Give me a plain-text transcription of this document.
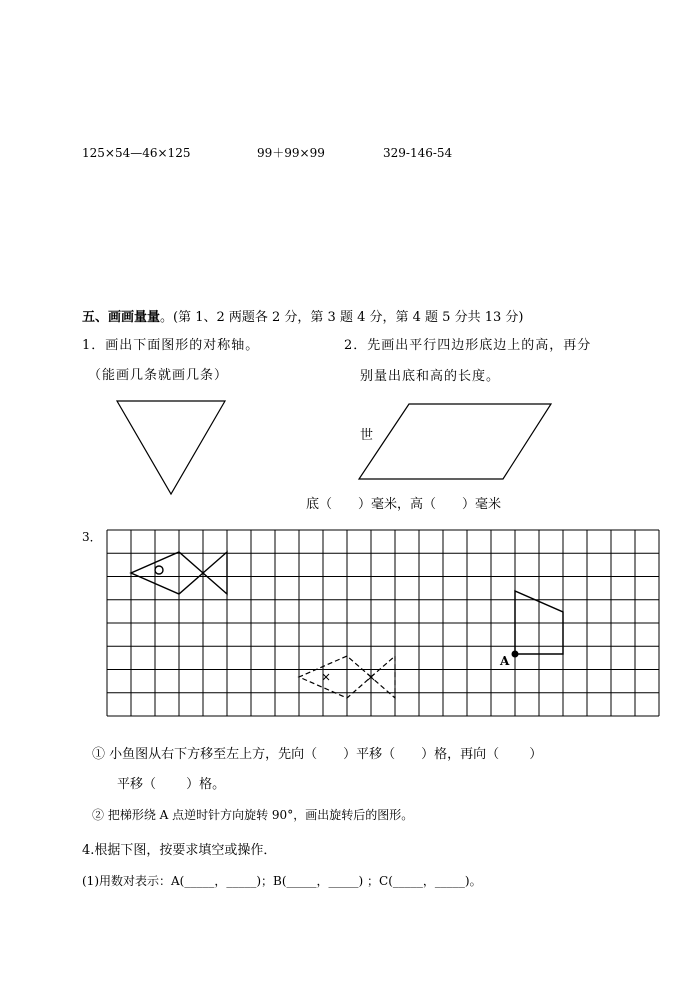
125×54—46×125	99＋99×99	329-146-54
五、画画量量。(第 1、2 两题各 2 分，第 3 题 4 分，第 4 题 5 分共 13 分)
1．画出下面图形的对称轴。
（能画几条就画几条）
2．先画出平行四边形底边上的高，再分
别量出底和高的长度。
世
底（　　）毫米，高（　　）毫米
3．
A
① 小鱼图从右下方移至左上方，先向（　　）平移（　　）格，再向（　　 ）
平移（　　 ）格。
② 把梯形绕 A 点逆时针方向旋转 90°，画出旋转后的图形。
4.根据下图，按要求填空或操作．
(1)用数对表示：A(_____，_____)；B(_____，_____) ；C(_____，_____)。
